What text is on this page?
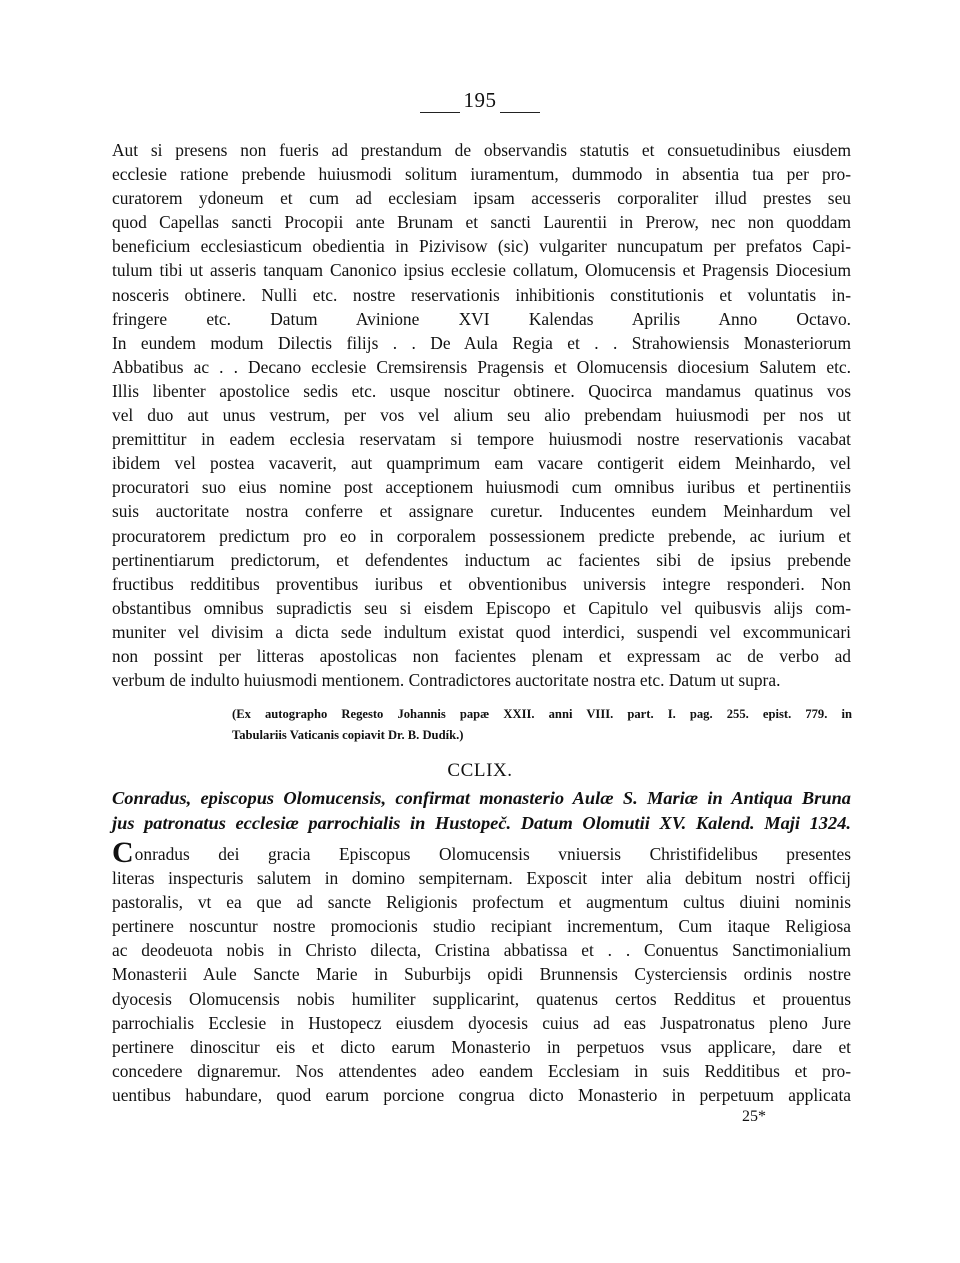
195
Aut si presens non fueris ad prestandum de observandis statutis et consuetudinibus eiusdem
ecclesie ratione prebende huiusmodi solitum iuramentum, dummodo in absentia tua per pro-
curatorem ydoneum et cum ad ecclesiam ipsam accesseris corporaliter illud prestes seu
quod Capellas sancti Procopii ante Brunam et sancti Laurentii in Prerow, nec non quoddam
beneficium ecclesiasticum obedientia in Pizivisow (sic) vulgariter nuncupatum per prefatos Capi-
tulum tibi ut asseris tanquam Canonico ipsius ecclesie collatum, Olomucensis et Pragensis Diocesium
nosceris obtinere. Nulli etc. nostre reservationis inhibitionis constitutionis et voluntatis in-
fringere etc. Datum Avinione XVI Kalendas Aprilis Anno Octavo.
In eundem modum Dilectis filijs . . De Aula Regia et . . Strahowiensis Monasteriorum
Abbatibus ac . . Decano ecclesie Cremsirensis Pragensis et Olomucensis diocesium Salutem etc.
Illis libenter apostolice sedis etc. usque noscitur obtinere. Quocirca mandamus quatinus vos
vel duo aut unus vestrum, per vos vel alium seu alio prebendam huiusmodi per nos ut
premittitur in eadem ecclesia reservatam si tempore huiusmodi nostre reservationis vacabat
ibidem vel postea vacaverit, aut quamprimum eam vacare contigerit eidem Meinhardo, vel
procuratori suo eius nomine post acceptionem huiusmodi cum omnibus iuribus et pertinentiis
suis auctoritate nostra conferre et assignare curetur. Inducentes eundem Meinhardum vel
procuratorem predictum pro eo in corporalem possessionem predicte prebende, ac iurium et
pertinentiarum predictorum, et defendentes inductum ac facientes sibi de ipsius prebende
fructibus redditibus proventibus iuribus et obventionibus universis integre responderi. Non
obstantibus omnibus supradictis seu si eisdem Episcopo et Capitulo vel quibusvis alijs com-
muniter vel divisim a dicta sede indultum existat quod interdici, suspendi vel excommunicari
non possint per litteras apostolicas non facientes plenam et expressam ac de verbo ad
verbum de indulto huiusmodi mentionem. Contradictores auctoritate nostra etc. Datum ut supra.
(Ex autographo Regesto Johannis papæ XXII. anni VIII. part. I. pag. 255. epist. 779. in
Tabulariis Vaticanis copiavit Dr. B. Dudík.)
CCLIX.
Conradus, episcopus Olomucensis, confirmat monasterio Aulæ S. Mariæ in Antiqua Bruna
jus patronatus ecclesiæ parrochialis in Hustopeč. Datum Olomutii XV. Kalend. Maji 1324.
Conradus dei gracia Episcopus Olomucensis vniuersis Christifidelibus presentes
literas inspecturis salutem in domino sempiternam. Exposcit inter alia debitum nostri officij
pastoralis, vt ea que ad sancte Religionis profectum et augmentum cultus diuini nominis
pertinere noscuntur nostre promocionis studio recipiant incrementum, Cum itaque Religiosa
ac deodeuota nobis in Christo dilecta, Cristina abbatissa et . . Conuentus Sanctimonialium
Monasterii Aule Sancte Marie in Suburbijs opidi Brunnensis Cysterciensis ordinis nostre
dyocesis Olomucensis nobis humiliter supplicarint, quatenus certos Redditus et prouentus
parrochialis Ecclesie in Hustopecz eiusdem dyocesis cuius ad eas Juspatronatus pleno Jure
pertinere dinoscitur eis et dicto earum Monasterio in perpetuos vsus applicare, dare et
concedere dignaremur. Nos attendentes adeo eandem Ecclesiam in suis Redditibus et pro-
uentibus habundare, quod earum porcione congrua dicto Monasterio in perpetuum applicata
25*
